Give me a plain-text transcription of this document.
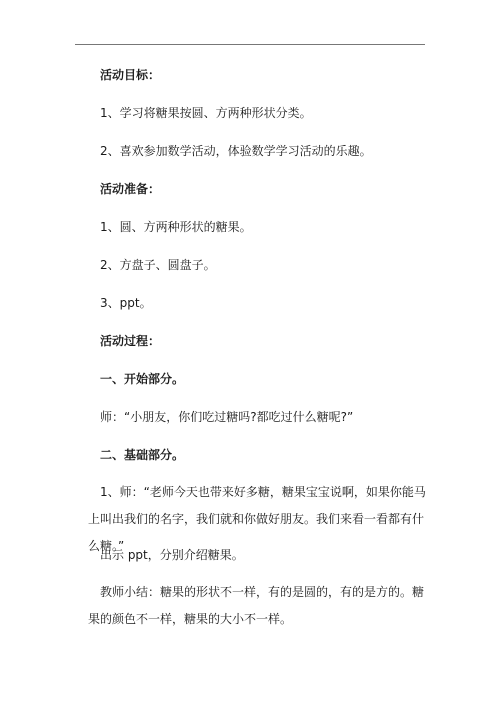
活动目标：
1、学习将糖果按圆、方两种形状分类。
2、喜欢参加数学活动，体验数学学习活动的乐趣。
活动准备：
1、圆、方两种形状的糖果。
2、方盘子、圆盘子。
3、ppt。
活动过程：
一、开始部分。
师：“小朋友，你们吃过糖吗?都吃过什么糖呢?”
二、基础部分。
1、师：“老师今天也带来好多糖，糖果宝宝说啊，如果你能马上叫出我们的名字，我们就和你做好朋友。我们来看一看都有什么糖。”
出示 ppt，分别介绍糖果。
教师小结：糖果的形状不一样，有的是圆的，有的是方的。糖果的颜色不一样，糖果的大小不一样。
